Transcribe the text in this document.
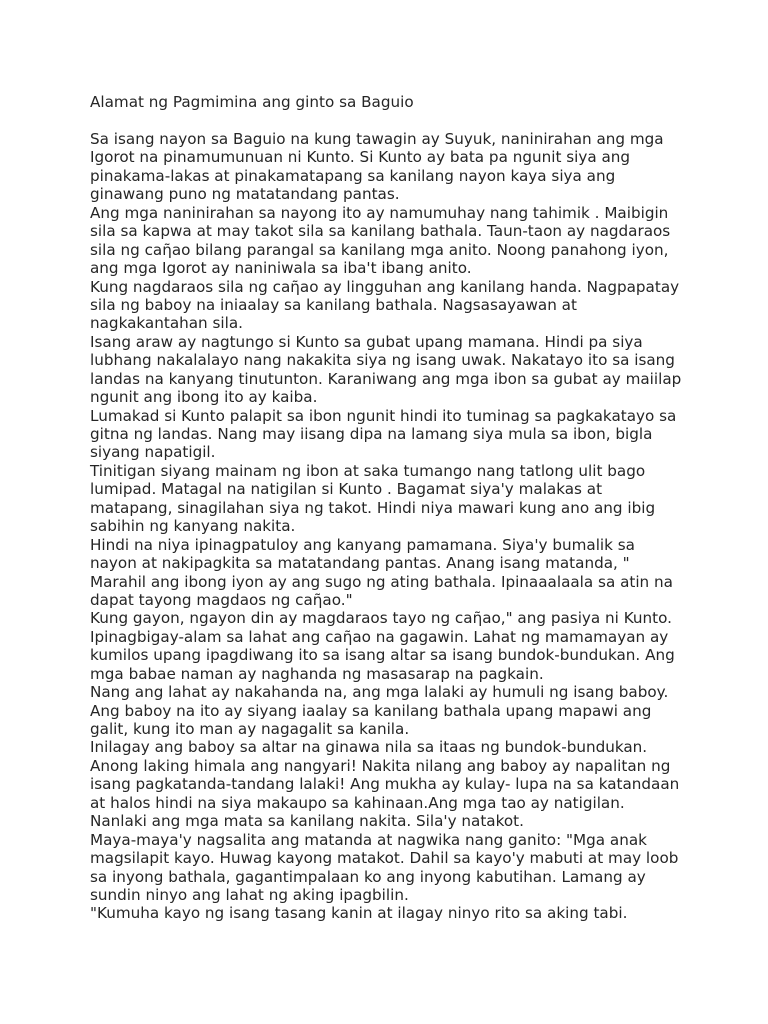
Alamat ng Pagmimina ang ginto sa Baguio
Sa isang nayon sa Baguio na kung tawagin ay Suyuk, naninirahan ang mga
Igorot na pinamumunuan ni Kunto. Si Kunto ay bata pa ngunit siya ang
pinakama-lakas at pinakamatapang sa kanilang nayon kaya siya ang
ginawang puno ng matatandang pantas.
Ang mga naninirahan sa nayong ito ay namumuhay nang tahimik . Maibigin
sila sa kapwa at may takot sila sa kanilang bathala. Taun-taon ay nagdaraos
sila ng caῆao bilang parangal sa kanilang mga anito. Noong panahong iyon,
ang mga Igorot ay naniniwala sa iba't ibang anito.
Kung nagdaraos sila ng caῆao ay lingguhan ang kanilang handa. Nagpapatay
sila ng baboy na iniaalay sa kanilang bathala. Nagsasayawan at
nagkakantahan sila.
Isang araw ay nagtungo si Kunto sa gubat upang mamana. Hindi pa siya
lubhang nakalalayo nang nakakita siya ng isang uwak. Nakatayo ito sa isang
landas na kanyang tinutunton. Karaniwang ang mga ibon sa gubat ay maiilap
ngunit ang ibong ito ay kaiba.
Lumakad si Kunto palapit sa ibon ngunit hindi ito tuminag sa pagkakatayo sa
gitna ng landas. Nang may iisang dipa na lamang siya mula sa ibon, bigla
siyang napatigil.
Tinitigan siyang mainam ng ibon at saka tumango nang tatlong ulit bago
lumipad. Matagal na natigilan si Kunto . Bagamat siya'y malakas at
matapang, sinagilahan siya ng takot. Hindi niya mawari kung ano ang ibig
sabihin ng kanyang nakita.
Hindi na niya ipinagpatuloy ang kanyang pamamana. Siya'y bumalik sa
nayon at nakipagkita sa matatandang pantas. Anang isang matanda, "
Marahil ang ibong iyon ay ang sugo ng ating bathala. Ipinaaalaala sa atin na
dapat tayong magdaos ng caῆao."
Kung gayon, ngayon din ay magdaraos tayo ng caῆao," ang pasiya ni Kunto.
Ipinagbigay-alam sa lahat ang caῆao na gagawin. Lahat ng mamamayan ay
kumilos upang ipagdiwang ito sa isang altar sa isang bundok-bundukan. Ang
mga babae naman ay naghanda ng masasarap na pagkain.
Nang ang lahat ay nakahanda na, ang mga lalaki ay humuli ng isang baboy.
Ang baboy na ito ay siyang iaalay sa kanilang bathala upang mapawi ang
galit, kung ito man ay nagagalit sa kanila.
Inilagay ang baboy sa altar na ginawa nila sa itaas ng bundok-bundukan.
Anong laking himala ang nangyari! Nakita nilang ang baboy ay napalitan ng
isang pagkatanda-tandang lalaki! Ang mukha ay kulay- lupa na sa katandaan
at halos hindi na siya makaupo sa kahinaan.Ang mga tao ay natigilan.
Nanlaki ang mga mata sa kanilang nakita. Sila'y natakot.
Maya-maya'y nagsalita ang matanda at nagwika nang ganito: "Mga anak
magsilapit kayo. Huwag kayong matakot. Dahil sa kayo'y mabuti at may loob
sa inyong bathala, gagantimpalaan ko ang inyong kabutihan. Lamang ay
sundin ninyo ang lahat ng aking ipagbilin.
"Kumuha kayo ng isang tasang kanin at ilagay ninyo rito sa aking tabi.
